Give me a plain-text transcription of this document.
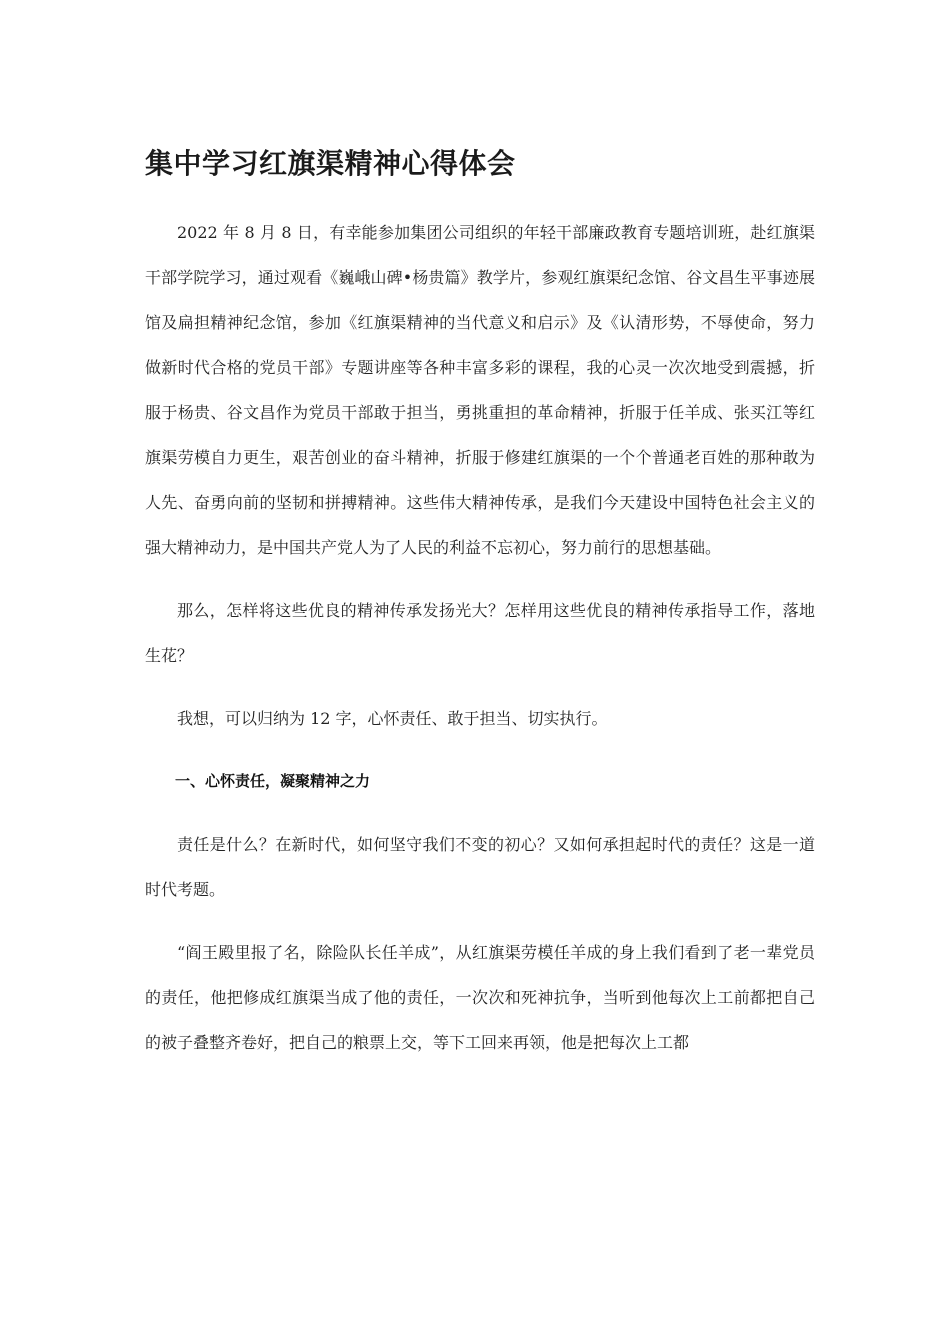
集中学习红旗渠精神心得体会

2022 年 8 月 8 日，有幸能参加集团公司组织的年轻干部廉政教育专题培训班，赴红旗渠干部学院学习，通过观看《巍峨山碑•杨贵篇》教学片，参观红旗渠纪念馆、谷文昌生平事迹展馆及扁担精神纪念馆，参加《红旗渠精神的当代意义和启示》及《认清形势，不辱使命，努力做新时代合格的党员干部》专题讲座等各种丰富多彩的课程，我的心灵一次次地受到震撼，折服于杨贵、谷文昌作为党员干部敢于担当，勇挑重担的革命精神，折服于任羊成、张买江等红旗渠劳模自力更生，艰苦创业的奋斗精神，折服于修建红旗渠的一个个普通老百姓的那种敢为人先、奋勇向前的坚韧和拼搏精神。这些伟大精神传承，是我们今天建设中国特色社会主义的强大精神动力，是中国共产党人为了人民的利益不忘初心，努力前行的思想基础。

那么，怎样将这些优良的精神传承发扬光大？怎样用这些优良的精神传承指导工作，落地生花？

我想，可以归纳为 12 字，心怀责任、敢于担当、切实执行。

一、心怀责任，凝聚精神之力

责任是什么？在新时代，如何坚守我们不变的初心？又如何承担起时代的责任？这是一道时代考题。

“阎王殿里报了名，除险队长任羊成”，从红旗渠劳模任羊成的身上我们看到了老一辈党员的责任，他把修成红旗渠当成了他的责任，一次次和死神抗争，当听到他每次上工前都把自己的被子叠整齐卷好，把自己的粮票上交，等下工回来再领，他是把每次上工都
